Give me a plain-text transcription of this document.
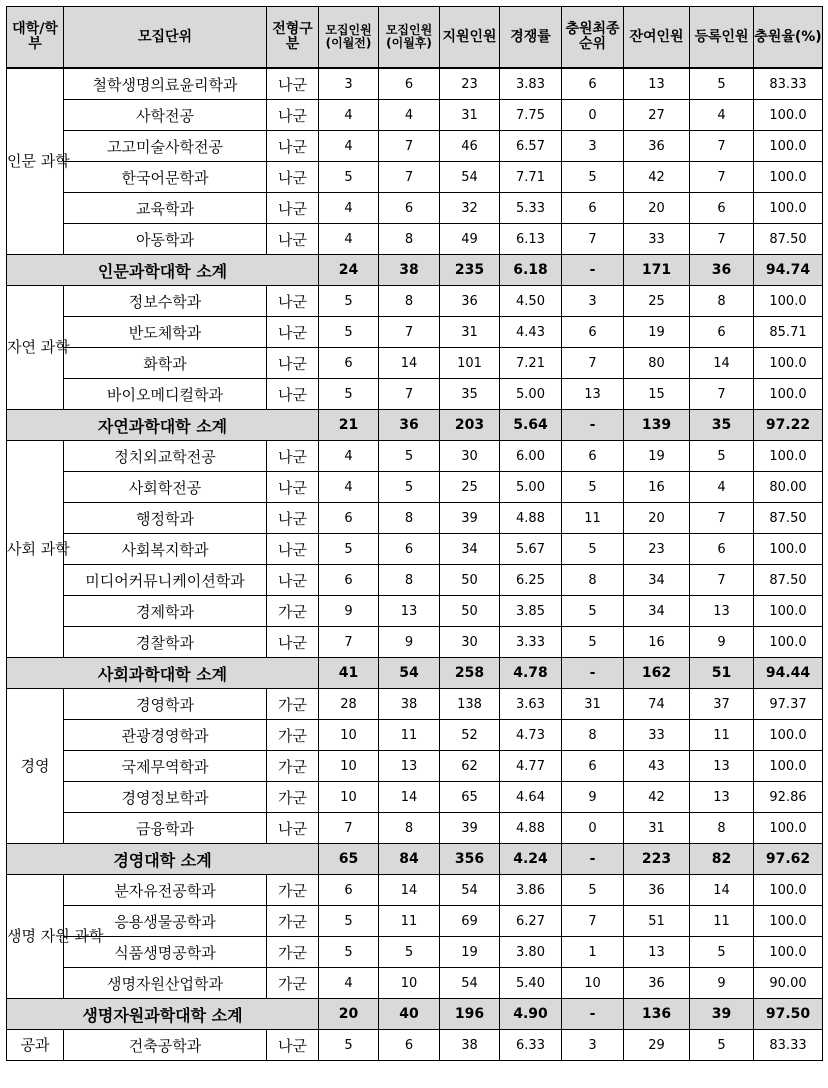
대학/학부	모집단위	전형구분	모집인원(이월전)	모집인원(이월후)	지원인원	경쟁률	충원최종순위	잔여인원	등록인원	충원율(%)
인문 과학	철학생명의료윤리학과	나군	3	6	23	3.83	6	13	5	83.33
	사학전공	나군	4	4	31	7.75	0	27	4	100.0
	고고미술사학전공	나군	4	7	46	6.57	3	36	7	100.0
	한국어문학과	나군	5	7	54	7.71	5	42	7	100.0
	교육학과	나군	4	6	32	5.33	6	20	6	100.0
	아동학과	나군	4	8	49	6.13	7	33	7	87.50
인문과학대학 소계			24	38	235	6.18	-	171	36	94.74
자연 과학	정보수학과	나군	5	8	36	4.50	3	25	8	100.0
	반도체학과	나군	5	7	31	4.43	6	19	6	85.71
	화학과	나군	6	14	101	7.21	7	80	14	100.0
	바이오메디컬학과	나군	5	7	35	5.00	13	15	7	100.0
자연과학대학 소계			21	36	203	5.64	-	139	35	97.22
사회 과학	정치외교학전공	나군	4	5	30	6.00	6	19	5	100.0
	사회학전공	나군	4	5	25	5.00	5	16	4	80.00
	행정학과	나군	6	8	39	4.88	11	20	7	87.50
	사회복지학과	나군	5	6	34	5.67	5	23	6	100.0
	미디어커뮤니케이션학과	나군	6	8	50	6.25	8	34	7	87.50
	경제학과	가군	9	13	50	3.85	5	34	13	100.0
	경찰학과	나군	7	9	30	3.33	5	16	9	100.0
사회과학대학 소계			41	54	258	4.78	-	162	51	94.44
경영	경영학과	가군	28	38	138	3.63	31	74	37	97.37
	관광경영학과	가군	10	11	52	4.73	8	33	11	100.0
	국제무역학과	가군	10	13	62	4.77	6	43	13	100.0
	경영정보학과	가군	10	14	65	4.64	9	42	13	92.86
	금융학과	나군	7	8	39	4.88	0	31	8	100.0
경영대학 소계			65	84	356	4.24	-	223	82	97.62
생명 자원 과학	분자유전공학과	가군	6	14	54	3.86	5	36	14	100.0
	응용생물공학과	가군	5	11	69	6.27	7	51	11	100.0
	식품생명공학과	가군	5	5	19	3.80	1	13	5	100.0
	생명자원산업학과	가군	4	10	54	5.40	10	36	9	90.00
생명자원과학대학 소계			20	40	196	4.90	-	136	39	97.50
공과	건축공학과	나군	5	6	38	6.33	3	29	5	83.33
